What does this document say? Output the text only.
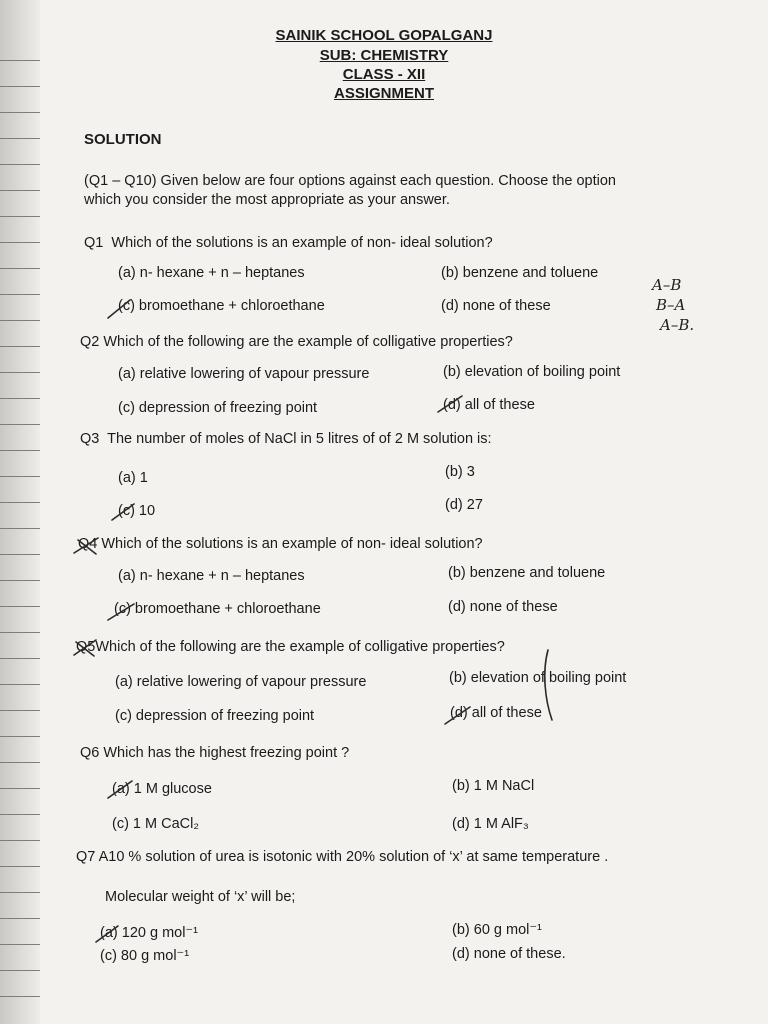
SAINIK SCHOOL GOPALGANJ
SUB: CHEMISTRY
CLASS - XII
ASSIGNMENT
SOLUTION
(Q1 – Q10) Given below are four options against each question. Choose the option
which you consider the most appropriate as your answer.
Q1 Which of the solutions is an example of non- ideal solution?
(a) n- hexane + n – heptanes	(b) benzene and toluene
(c) bromoethane + chloroethane	(d) none of these
Q2 Which of the following are the example of colligative properties?
(a) relative lowering of vapour pressure	(b) elevation of boiling point
(c) depression of freezing point	(d) all of these
Q3 The number of moles of NaCl in 5 litres of of 2 M solution is:
(a) 1	(b) 3
(c) 10	(d) 27
Q4 Which of the solutions is an example of non- ideal solution?
(a) n- hexane + n – heptanes	(b) benzene and toluene
(c) bromoethane + chloroethane	(d) none of these
Q5Which of the following are the example of colligative properties?
(a) relative lowering of vapour pressure	(b) elevation of boiling point
(c) depression of freezing point	(d) all of these
Q6 Which has the highest freezing point ?
(a) 1 M glucose	(b) 1 M NaCl
(c) 1 M CaCl₂	(d) 1 M AlF₃
Q7 A10 % solution of urea is isotonic with 20% solution of ‘x’ at same temperature .
Molecular weight of ‘x’ will be;
(a) 120 g mol⁻¹	(b) 60 g mol⁻¹
(c) 80 g mol⁻¹	(d) none of these.
A–B
B–A
A–B.
